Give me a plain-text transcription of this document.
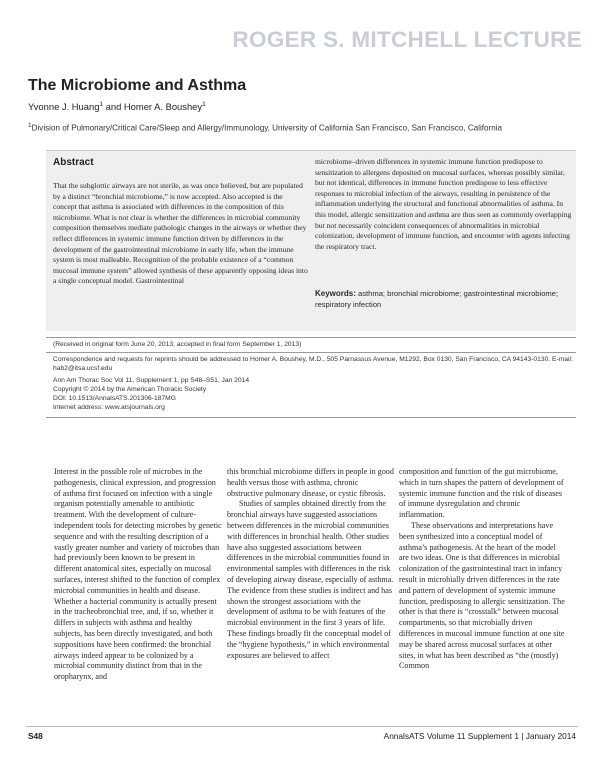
ROGER S. MITCHELL LECTURE
The Microbiome and Asthma
Yvonne J. Huang$^1$ and Homer A. Boushey$^1$
$^1$Division of Pulmonary/Critical Care/Sleep and Allergy/Immunology, University of California San Francisco, San Francisco, California
Abstract

That the subglottic airways are not sterile, as was once believed, but are populated by a distinct “bronchial microbiome,” is now accepted. Also accepted is the concept that asthma is associated with differences in the composition of this microbiome. What is not clear is whether the differences in microbial community composition themselves mediate pathologic changes in the airways or whether they reflect differences in systemic immune function driven by differences in the development of the gastrointestinal microbiome in early life, when the immune system is most malleable. Recognition of the probable existence of a “common mucosal immune system” allowed synthesis of these apparently opposing ideas into a single conceptual model. Gastrointestinal

microbiome–driven differences in systemic immune function predispose to sensitization to allergens deposited on mucosal surfaces, whereas possibly similar, but not identical, differences in immune function predispose to less effective responses to microbial infection of the airways, resulting in persistence of the inflammation underlying the structural and functional abnormalities of asthma. In this model, allergic sensitization and asthma are thus seen as commonly overlapping but not necessarily coincident consequences of abnormalities in microbial colonization, development of immune function, and encounter with agents infecting the respiratory tract.

Keywords: asthma; bronchial microbiome; gastrointestinal microbiome; respiratory infection

(Received in original form June 20, 2013; accepted in final form September 1, 2013)

Correspondence and requests for reprints should be addressed to Homer A. Boushey, M.D., 505 Parnassus Avenue, M1292, Box 0130, San Francisco, CA 94143-0130. E-mail: hab2@itsa.ucsf.edu

Ann Am Thorac Soc Vol 11, Supplement 1, pp S48–S51, Jan 2014

Copyright © 2014 by the American Thoracic Society

DOI: 10.1513/AnnalsATS.201306-187MG

Internet address: www.atsjournals.org

Interest in the possible role of microbes in the pathogenesis, clinical expression, and progression of asthma first focused on infection with a single organism potentially amenable to antibiotic treatment. With the development of culture-independent tools for detecting microbes by genetic sequence and with the resulting description of a vastly greater number and variety of microbes than had previously been known to be present in different anatomical sites, especially on mucosal surfaces, interest shifted to the function of complex microbial communities in health and disease. Whether a bacterial community is actually present in the tracheobronchial tree, and, if so, whether it differs in subjects with asthma and healthy subjects, has been directly investigated, and both suppositions have been confirmed: the bronchial airways indeed appear to be colonized by a microbial community distinct from that in the oropharynx, and

this bronchial microbiome differs in people in good health versus those with asthma, chronic obstructive pulmonary disease, or cystic fibrosis.

Studies of samples obtained directly from the bronchial airways have suggested associations between differences in the microbial communities with differences in bronchial health. Other studies have also suggested associations between differences in the microbial communities found in environmental samples with differences in the risk of developing airway disease, especially of asthma. The evidence from these studies is indirect and has shown the strongest associations with the development of asthma to be with features of the microbial environment in the first 3 years of life. These findings broadly fit the conceptual model of the “hygiene hypothesis,” in which environmental exposures are believed to affect

composition and function of the gut microbiome, which in turn shapes the pattern of development of systemic immune function and the risk of diseases of immune dysregulation and chronic inflammation.

These observations and interpretations have been synthesized into a conceptual model of asthma’s pathogenesis. At the heart of the model are two ideas. One is that differences in microbial colonization of the gastrointestinal tract in infancy result in microbially driven differences in the rate and pattern of development of systemic immune function, predisposing to allergic sensitization. The other is that there is “crosstalk” between mucosal compartments, so that microbially driven differences in mucosal immune function at one site may be shared across mucosal surfaces at other sites, in what has been described as “the (mostly) Common

S48	AnnalsATS Volume 11 Supplement 1 | January 2014
